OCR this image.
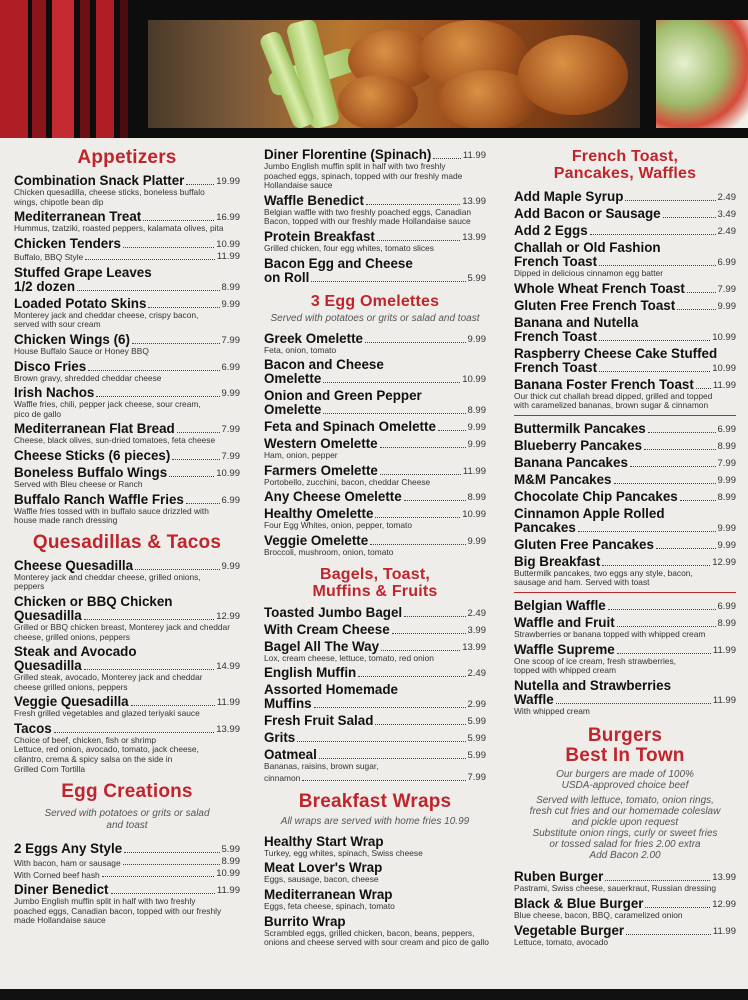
Appetizers
Combination Snack Platter	19.99
Chicken quesadilla, cheese sticks, boneless buffalo
wings, chipotle bean dip
Mediterranean Treat	16.99
Hummus, tzatziki, roasted peppers, kalamata olives, pita
Chicken Tenders	10.99
Buffalo, BBQ Style	11.99
Stuffed Grape Leaves
1/2 dozen	8.99
Loaded Potato Skins	9.99
Monterey jack and cheddar cheese, crispy bacon,
served with sour cream
Chicken Wings (6)	7.99
House Buffalo Sauce or Honey BBQ
Disco Fries	6.99
Brown gravy, shredded cheddar cheese
Irish Nachos	9.99
Waffle fries, chili, pepper jack cheese, sour cream,
pico de gallo
Mediterranean Flat Bread	7.99
Cheese, black olives, sun-dried tomatoes, feta cheese
Cheese Sticks (6 pieces)	7.99
Boneless Buffalo Wings	10.99
Served with Bleu cheese or Ranch
Buffalo Ranch Waffle Fries	6.99
Waffle fries tossed with in buffalo sauce drizzled with
house made ranch dressing
Quesadillas & Tacos
Cheese Quesadilla	9.99
Monterey jack and cheddar cheese, grilled onions,
peppers
Chicken or BBQ Chicken
Quesadilla	12.99
Grilled or BBQ chicken breast, Monterey jack and cheddar
cheese, grilled onions, peppers
Steak and Avocado
Quesadilla	14.99
Grilled steak, avocado, Monterey jack and cheddar
cheese grilled onions, peppers
Veggie Quesadilla	11.99
Fresh grilled vegetables and glazed teriyaki sauce
Tacos	13.99
Choice of beef, chicken, fish or shrimp
Lettuce, red onion, avocado, tomato, jack cheese,
cilantro, crema & spicy salsa on the side in
Grilled Corn Tortilla
Egg Creations
Served with potatoes or grits or salad
and toast
2 Eggs Any Style	5.99
With bacon, ham or sausage	8.99
With Corned beef hash	10.99
Diner Benedict	11.99
Jumbo English muffin split in half with two freshly
poached eggs, Canadian bacon, topped with our freshly
made Hollandaise sauce
Diner Florentine (Spinach)	11.99
Jumbo English muffin split in half with two freshly
poached eggs, spinach, topped with our freshly made
Hollandaise sauce
Waffle Benedict	13.99
Belgian waffle with two freshly poached eggs, Canadian
Bacon, topped with our freshly made Hollandaise sauce
Protein Breakfast	13.99
Grilled chicken, four egg whites, tomato slices
Bacon Egg and Cheese
on Roll	5.99
3 Egg Omelettes
Served with potatoes or grits or salad and toast
Greek Omelette	9.99
Feta, onion, tomato
Bacon and Cheese
Omelette	10.99
Onion and Green Pepper
Omelette	8.99
Feta and Spinach Omelette	9.99
Western Omelette	9.99
Ham, onion, pepper
Farmers Omelette	11.99
Portobello, zucchini, bacon, cheddar Cheese
Any Cheese Omelette	8.99
Healthy Omelette	10.99
Four Egg Whites, onion, pepper, tomato
Veggie Omelette	9.99
Broccoli, mushroom, onion, tomato
Bagels, Toast,
Muffins & Fruits
Toasted Jumbo Bagel	2.49
With Cream Cheese	3.99
Bagel All The Way	13.99
Lox, cream cheese, lettuce, tomato, red onion
English Muffin	2.49
Assorted Homemade
Muffins	2.99
Fresh Fruit Salad	5.99
Grits	5.99
Oatmeal	5.99
Bananas, raisins, brown sugar,
cinnamon	7.99
Breakfast Wraps
All wraps are served with home fries 10.99
Healthy Start Wrap
Turkey, egg whites, spinach, Swiss cheese
Meat Lover's Wrap
Eggs, sausage, bacon, cheese
Mediterranean Wrap
Eggs, feta cheese, spinach, tomato
Burrito Wrap
Scrambled eggs, grilled chicken, bacon, beans, peppers,
onions and cheese served with sour cream and pico de gallo
French Toast,
Pancakes, Waffles
Add Maple Syrup	2.49
Add Bacon or Sausage	3.49
Add 2 Eggs	2.49
Challah or Old Fashion
French Toast	6.99
Dipped in delicious cinnamon egg batter
Whole Wheat French Toast	7.99
Gluten Free French Toast	9.99
Banana and Nutella
French Toast	10.99
Raspberry Cheese Cake Stuffed
French Toast	10.99
Banana Foster French Toast 11.99
Our thick cut challah bread dipped, grilled and topped
with caramelized bananas, brown sugar & cinnamon
Buttermilk Pancakes	6.99
Blueberry Pancakes	8.99
Banana Pancakes	7.99
M&M Pancakes	9.99
Chocolate Chip Pancakes	8.99
Cinnamon Apple Rolled
Pancakes	9.99
Gluten Free Pancakes	9.99
Big Breakfast	12.99
Buttermilk pancakes, two eggs any style, bacon,
sausage and ham. Served with toast
Belgian Waffle	6.99
Waffle and Fruit	8.99
Strawberries or banana topped with whipped cream
Waffle Supreme	11.99
One scoop of ice cream, fresh strawberries,
topped with whipped cream
Nutella and Strawberries
Waffle	11.99
With whipped cream
Burgers
Best In Town
Our burgers are made of 100%
USDA-approved choice beef
Served with lettuce, tomato, onion rings,
fresh cut fries and our homemade coleslaw
and pickle upon request
Substitute onion rings, curly or sweet fries
or tossed salad for fries 2.00 extra
Add Bacon 2.00
Ruben Burger	13.99
Pastrami, Swiss cheese, sauerkraut, Russian dressing
Black & Blue Burger	12.99
Blue cheese, bacon, BBQ, caramelized onion
Vegetable Burger	11.99
Lettuce, tomato, avocado
